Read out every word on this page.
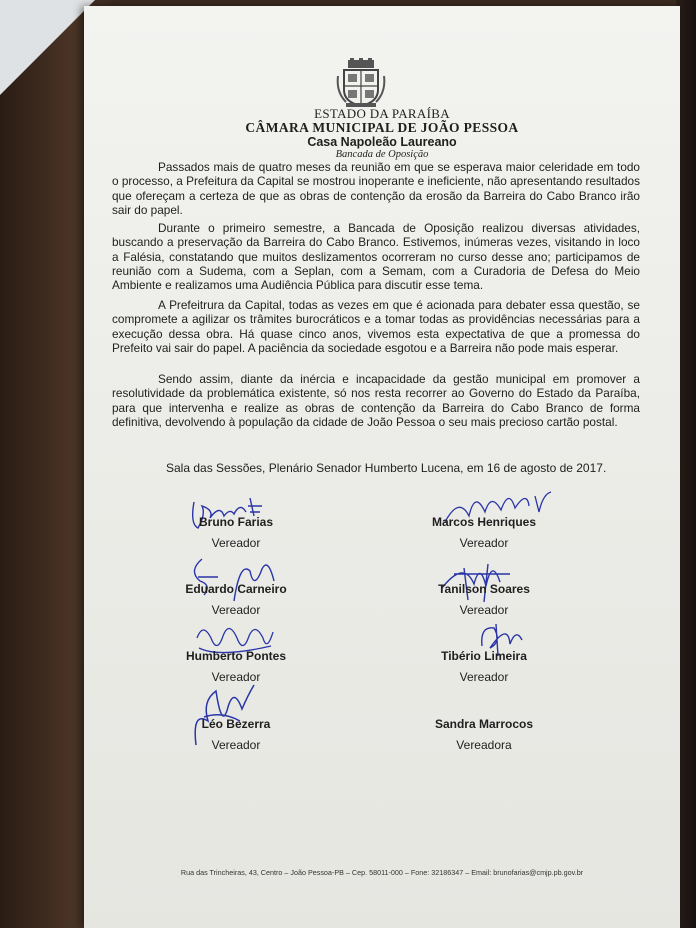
ESTADO DA PARAÍBA
CÂMARA MUNICIPAL DE JOÃO PESSOA
Casa Napoleão Laureano
Bancada de Oposição

Passados mais de quatro meses da reunião em que se esperava maior celeridade em todo o processo, a Prefeitura da Capital se mostrou inoperante e ineficiente, não apresentando resultados que ofereçam a certeza de que as obras de contenção da erosão da Barreira do Cabo Branco irão sair do papel.

Durante o primeiro semestre, a Bancada de Oposição realizou diversas atividades, buscando a preservação da Barreira do Cabo Branco. Estivemos, inúmeras vezes, visitando in loco a Falésia, constatando que muitos deslizamentos ocorreram no curso desse ano; participamos de reunião com a Sudema, com a Seplan, com a Semam, com a Curadoria de Defesa do Meio Ambiente e realizamos uma Audiência Pública para discutir esse tema.

A Prefeitrura da Capital, todas as vezes em que é acionada para debater essa questão, se compromete a agilizar os trâmites burocráticos e a tomar todas as providências necessárias para a execução dessa obra. Há quase cinco anos, vivemos esta expectativa de que a promessa do Prefeito vai sair do papel. A paciência da sociedade esgotou e a Barreira não pode mais esperar.

Sendo assim, diante da inércia e incapacidade da gestão municipal em promover a resolutividade da problemática existente, só nos resta recorrer ao Governo do Estado da Paraíba, para que intervenha e realize as obras de contenção da Barreira do Cabo Branco de forma definitiva, devolvendo à população da cidade de João Pessoa o seu mais precioso cartão postal.

Sala das Sessões, Plenário Senador Humberto Lucena, em 16 de agosto de 2017.
Bruno Farias
Vereador
Marcos Henriques
Vereador
Eduardo Carneiro
Vereador
Tanilson Soares
Vereador
Humberto Pontes
Vereador
Tibério Limeira
Vereador
Léo Bezerra
Vereador
Sandra Marrocos
Vereadora
Rua das Trincheiras, 43, Centro – João Pessoa-PB – Cep. 58011-000 – Fone: 32186347 – Email: brunofarias@cmjp.pb.gov.br
